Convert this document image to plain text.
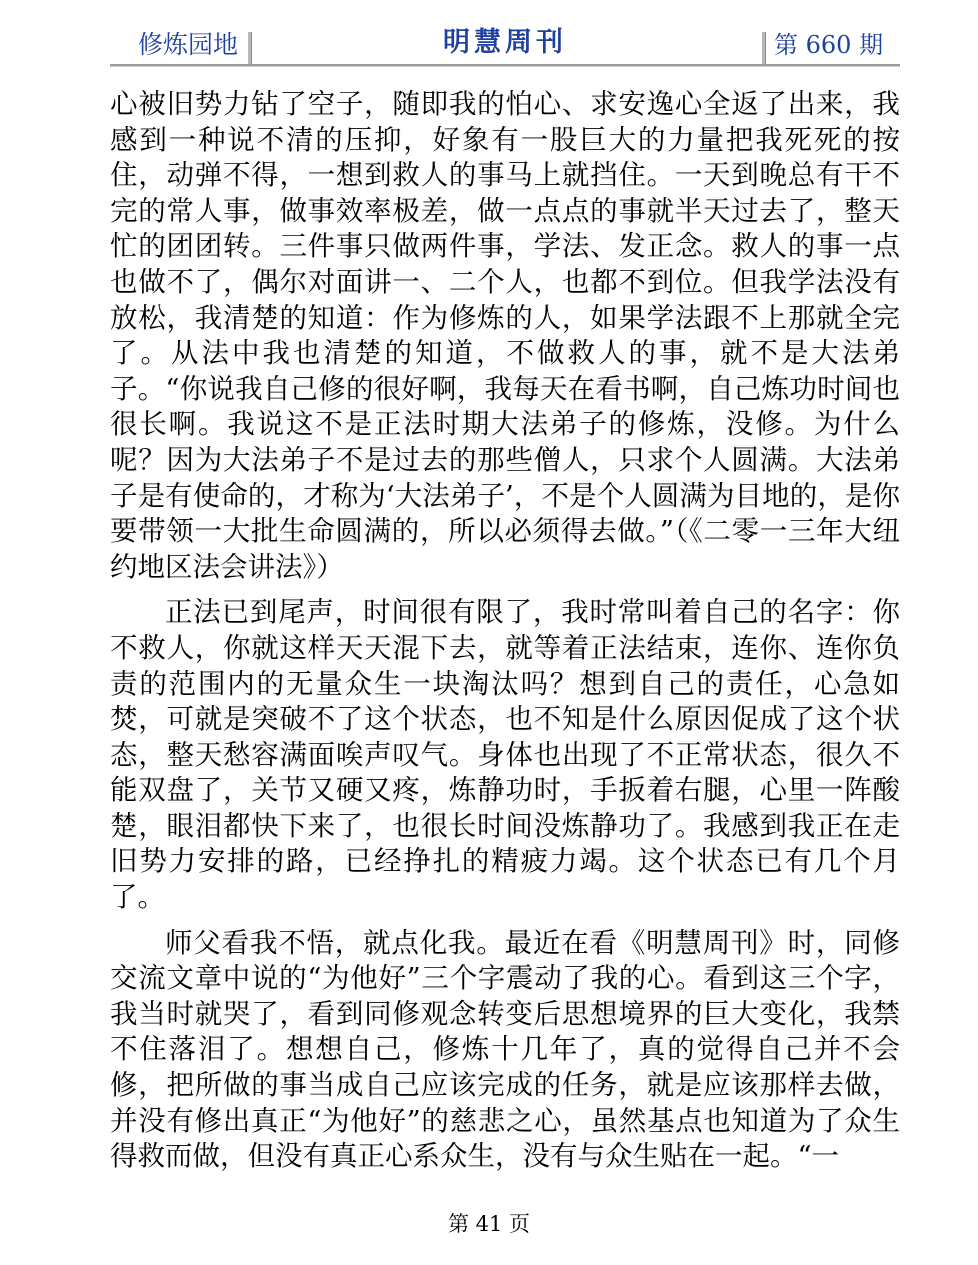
修炼园地	明慧周刊	第 660 期

心被旧势力钻了空子，随即我的怕心、求安逸心全返了出来，我感到一种说不清的压抑，好象有一股巨大的力量把我死死的按住，动弹不得，一想到救人的事马上就挡住。一天到晚总有干不完的常人事，做事效率极差，做一点点的事就半天过去了，整天忙的团团转。三件事只做两件事，学法、发正念。救人的事一点也做不了，偶尔对面讲一、二个人，也都不到位。但我学法没有放松，我清楚的知道：作为修炼的人，如果学法跟不上那就全完了。从法中我也清楚的知道，不做救人的事，就不是大法弟子。“你说我自己修的很好啊，我每天在看书啊，自己炼功时间也很长啊。我说这不是正法时期大法弟子的修炼，没修。为什么呢？因为大法弟子不是过去的那些僧人，只求个人圆满。大法弟子是有使命的，才称为‘大法弟子’，不是个人圆满为目地的，是你要带领一大批生命圆满的，所以必须得去做。”（《二零一三年大纽约地区法会讲法》）

正法已到尾声，时间很有限了，我时常叫着自己的名字：你不救人，你就这样天天混下去，就等着正法结束，连你、连你负责的范围内的无量众生一块淘汰吗？想到自己的责任，心急如焚，可就是突破不了这个状态，也不知是什么原因促成了这个状态，整天愁容满面唉声叹气。身体也出现了不正常状态，很久不能双盘了，关节又硬又疼，炼静功时，手扳着右腿，心里一阵酸楚，眼泪都快下来了，也很长时间没炼静功了。我感到我正在走旧势力安排的路，已经挣扎的精疲力竭。这个状态已有几个月了。

师父看我不悟，就点化我。最近在看《明慧周刊》时，同修交流文章中说的“为他好”三个字震动了我的心。看到这三个字，我当时就哭了，看到同修观念转变后思想境界的巨大变化，我禁不住落泪了。想想自己，修炼十几年了，真的觉得自己并不会修，把所做的事当成自己应该完成的任务，就是应该那样去做，并没有修出真正“为他好”的慈悲之心，虽然基点也知道为了众生得救而做，但没有真正心系众生，没有与众生贴在一起。“一

第 41 页
